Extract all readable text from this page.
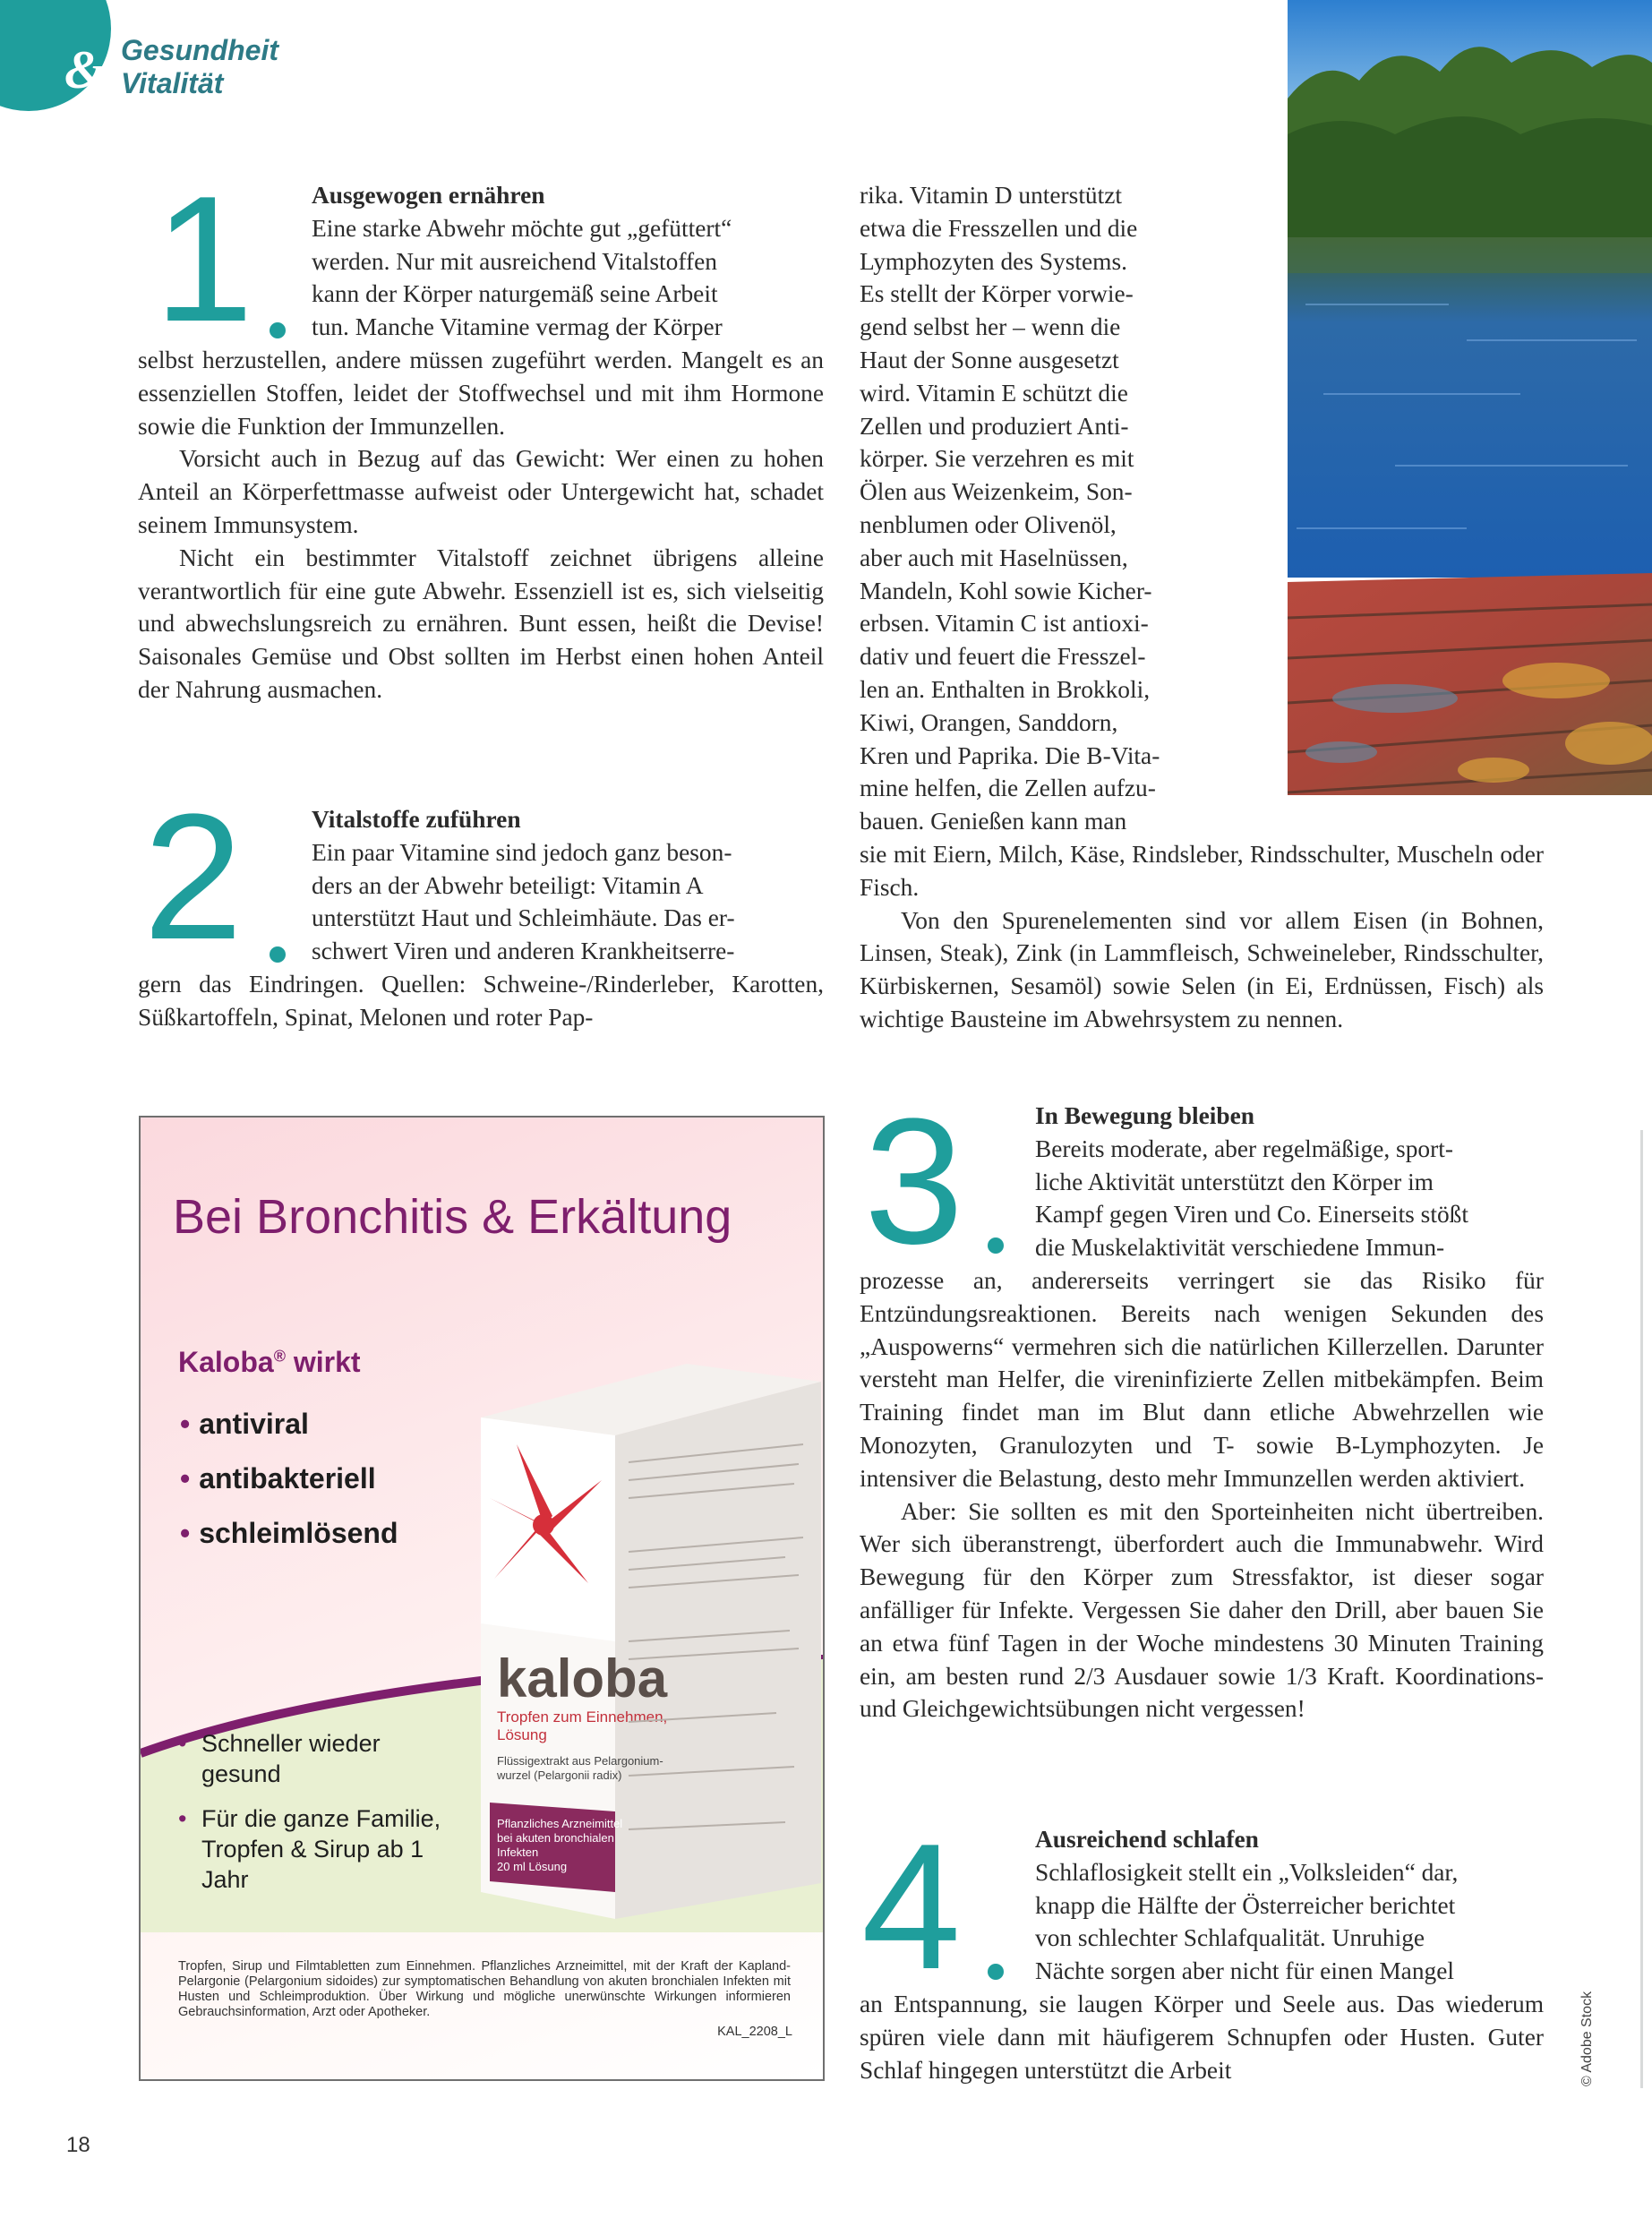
& Gesundheit
Vitalität
1 Ausgewogen ernähren

Eine starke Abwehr möchte gut „gefüttert“

werden. Nur mit ausreichend Vitalstoffen

kann der Körper naturgemäß seine Arbeit

tun. Manche Vitamine vermag der Körper

selbst herzustellen, andere müssen zugeführt werden. Mangelt es an essenziellen Stoffen, leidet der Stoffwechsel und mit ihm Hormone sowie die Funktion der Immunzellen.

Vorsicht auch in Bezug auf das Gewicht: Wer einen zu hohen Anteil an Körperfettmasse aufweist oder Untergewicht hat, schadet seinem Immunsystem.

Nicht ein bestimmter Vitalstoff zeichnet übrigens alleine verantwortlich für eine gute Abwehr. Essenziell ist es, sich vielseitig und abwechslungsreich zu ernähren. Bunt essen, heißt die Devise! Saisonales Gemüse und Obst sollten im Herbst einen hohen Anteil der Nahrung ausmachen.

2	Vitalstoffe zuführen

Ein paar Vitamine sind jedoch ganz beson-

ders an der Abwehr beteiligt: Vitamin A

unterstützt Haut und Schleimhäute. Das er-

schwert Viren und anderen Krankheitserre-

gern das Eindringen. Quellen: Schweine-/Rinderleber, Karotten, Süßkartoffeln, Spinat, Melonen und roter Pap-

rika. Vitamin D unterstützt

etwa die Fresszellen und die

Lymphozyten des Systems.

Es stellt der Körper vorwie-

gend selbst her – wenn die

Haut der Sonne ausgesetzt

wird. Vitamin E schützt die

Zellen und produziert Anti-

körper. Sie verzehren es mit

Ölen aus Weizenkeim, Son-

nenblumen oder Olivenöl,

aber auch mit Haselnüssen,

Mandeln, Kohl sowie Kicher-

erbsen. Vitamin C ist antioxi-

dativ und feuert die Fresszel-

len an. Enthalten in Brokkoli,

Kiwi, Orangen, Sanddorn,

Kren und Paprika. Die B-Vita-

mine helfen, die Zellen aufzu-

bauen. Genießen kann man

sie mit Eiern, Milch, Käse, Rindsleber, Rindsschulter, Muscheln oder Fisch.

Von den Spurenelementen sind vor allem Eisen (in Bohnen, Linsen, Steak), Zink (in Lammfleisch, Schweineleber, Rindsschulter, Kürbiskernen, Sesamöl) sowie Selen (in Ei, Erdnüssen, Fisch) als wichtige Bausteine im Abwehrsystem zu nennen.

3	In Bewegung bleiben

Bereits moderate, aber regelmäßige, sport-

liche Aktivität unterstützt den Körper im

Kampf gegen Viren und Co. Einerseits stößt

die Muskelaktivität verschiedene Immun-

prozesse an, andererseits verringert sie das Risiko für Entzündungsreaktionen. Bereits nach wenigen Sekunden des „Auspowerns“ vermehren sich die natürlichen Killerzellen. Darunter versteht man Helfer, die vireninfizierte Zellen mitbekämpfen. Beim Training findet man im Blut dann etliche Abwehrzellen wie Monozyten, Granulozyten und T- sowie B-Lymphozyten. Je intensiver die Belastung, desto mehr Immunzellen werden aktiviert.

Aber: Sie sollten es mit den Sporteinheiten nicht übertreiben. Wer sich überanstrengt, überfordert auch die Immunabwehr. Wird Bewegung für den Körper zum Stressfaktor, ist dieser sogar anfälliger für Infekte. Vergessen Sie daher den Drill, aber bauen Sie an etwa fünf Tagen in der Woche mindestens 30 Minuten Training ein, am besten rund 2/3 Ausdauer sowie 1/3 Kraft. Koordinations- und Gleichgewichtsübungen nicht vergessen!

4	Ausreichend schlafen

Schlaflosigkeit stellt ein „Volksleiden“ dar,

knapp die Hälfte der Österreicher berichtet

von schlechter Schlafqualität. Unruhige

Nächte sorgen aber nicht für einen Mangel

an Entspannung, sie laugen Körper und Seele aus. Das wiederum spüren viele dann mit häufigerem Schnupfen oder Husten. Guter Schlaf hingegen unterstützt die Arbeit	© Adobe Stock
18
Bei Bronchitis & Erkältung
Kaloba® wirkt
• antiviral
• antibakteriell
• schleimlösend
• Schneller wieder gesund
• Für die ganze Familie, Tropfen & Sirup ab 1 Jahr
kaloba
Tropfen zum Einnehmen,
Lösung
Flüssigextrakt aus Pelargonium-
wurzel (Pelargonii radix)
Pflanzliches Arzneimittel
bei akuten bronchialen
Infekten
20 ml Lösung
Tropfen, Sirup und Filmtabletten zum Einnehmen. Pflanzliches Arzneimittel, mit der Kraft der Kapland-Pelargonie (Pelargonium sidoides) zur symptomatischen Behandlung von akuten bronchialen Infekten mit Husten und Schleimproduktion. Über Wirkung und mögliche unerwünschte Wirkungen informieren Gebrauchsinformation, Arzt oder Apotheker.
KAL_2208_L
